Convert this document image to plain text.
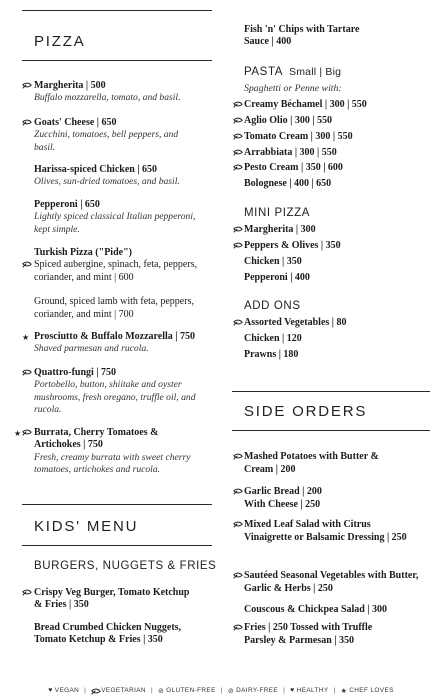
PIZZA
Margherita | 500
Buffalo mozzarella, tomato, and basil.
Goats' Cheese | 650
Zucchini, tomatoes, bell peppers, and basil.
Harissa-spiced Chicken | 650
Olives, sun-dried tomatoes, and basil.
Pepperoni | 650
Lightly spiced classical Italian pepperoni, kept simple.
Turkish Pizza ("Pide")
Spiced aubergine, spinach, feta, peppers, coriander, and mint | 600
Ground, spiced lamb with feta, peppers, coriander, and mint | 700
★ Prosciutto & Buffalo Mozzarella | 750
Shaved parmesan and rucola.
Quattro-fungi | 750
Portobello, button, shiitake and oyster mushrooms, fresh oregano, truffle oil, and rucola.
★ Burrata, Cherry Tomatoes & Artichokes | 750
Fresh, creamy burrata with sweet cherry tomatoes, artichokes and rucola.
KIDS' MENU
BURGERS, NUGGETS & FRIES
Crispy Veg Burger, Tomato Ketchup & Fries | 350
Bread Crumbed Chicken Nuggets, Tomato Ketchup & Fries | 350
Fish 'n' Chips with Tartare Sauce | 400
PASTA Small | Big
Spaghetti or Penne with:
Creamy Béchamel | 300 | 550
Aglio Olio | 300 | 550
Tomato Cream | 300 | 550
Arrabbiata | 300 | 550
Pesto Cream | 350 | 600
Bolognese | 400 | 650
MINI PIZZA
Margherita | 300
Peppers & Olives | 350
Chicken | 350
Pepperoni | 400
ADD ONS
Assorted Vegetables | 80
Chicken | 120
Prawns | 180
SIDE ORDERS
Mashed Potatoes with Butter & Cream | 200
Garlic Bread | 200 With Cheese | 250
Mixed Leaf Salad with Citrus Vinaigrette or Balsamic Dressing | 250
Sautéed Seasonal Vegetables with Butter, Garlic & Herbs | 250
Couscous & Chickpea Salad | 300
Fries | 250 Tossed with Truffle Parsley & Parmesan | 350
♥ VEGAN | VEGETARIAN | ⊘ GLUTEN-FREE | ⊘ DAIRY-FREE | ♥ HEALTHY | ★ CHEF LOVES
